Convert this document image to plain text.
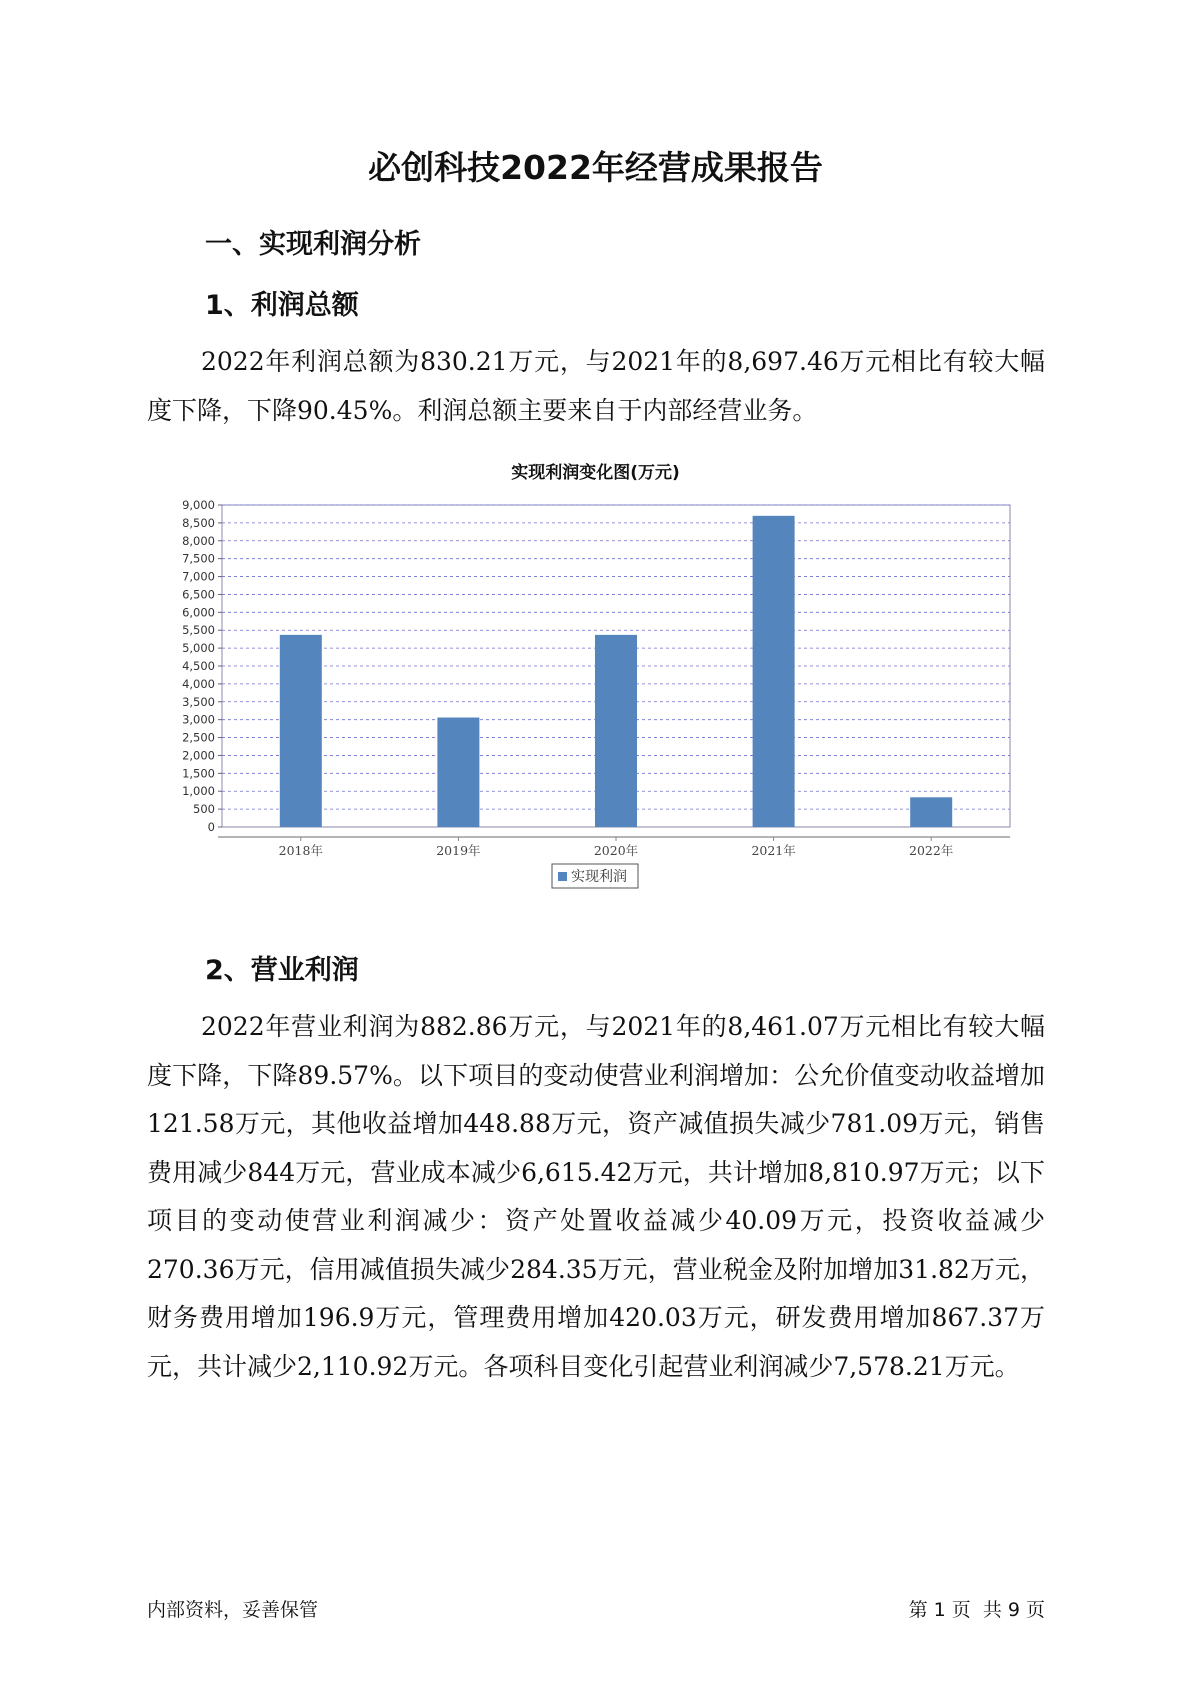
必创科技2022年经营成果报告
一、实现利润分析
1、利润总额

2022年利润总额为830.21万元，与2021年的8,697.46万元相比有较大幅度下降，下降90.45%。利润总额主要来自于内部经营业务。

实现利润变化图(万元)
0
500
1,000
1,500
2,000
2,500
3,000
3,500
4,000
4,500
5,000
5,500
6,000
6,500
7,000
7,500
8,000
8,500
9,000
2018年	2019年	2020年	2021年	2022年
实现利润
2、营业利润

2022年营业利润为882.86万元，与2021年的8,461.07万元相比有较大幅度下降，下降89.57%。以下项目的变动使营业利润增加：公允价值变动收益增加121.58万元，其他收益增加448.88万元，资产减值损失减少781.09万元，销售费用减少844万元，营业成本减少6,615.42万元，共计增加8,810.97万元；以下项目的变动使营业利润减少：资产处置收益减少40.09万元，投资收益减少270.36万元，信用减值损失减少284.35万元，营业税金及附加增加31.82万元，财务费用增加196.9万元，管理费用增加420.03万元，研发费用增加867.37万元，共计减少2,110.92万元。各项科目变化引起营业利润减少7,578.21万元。

内部资料，妥善保管	第 1 页  共 9 页
